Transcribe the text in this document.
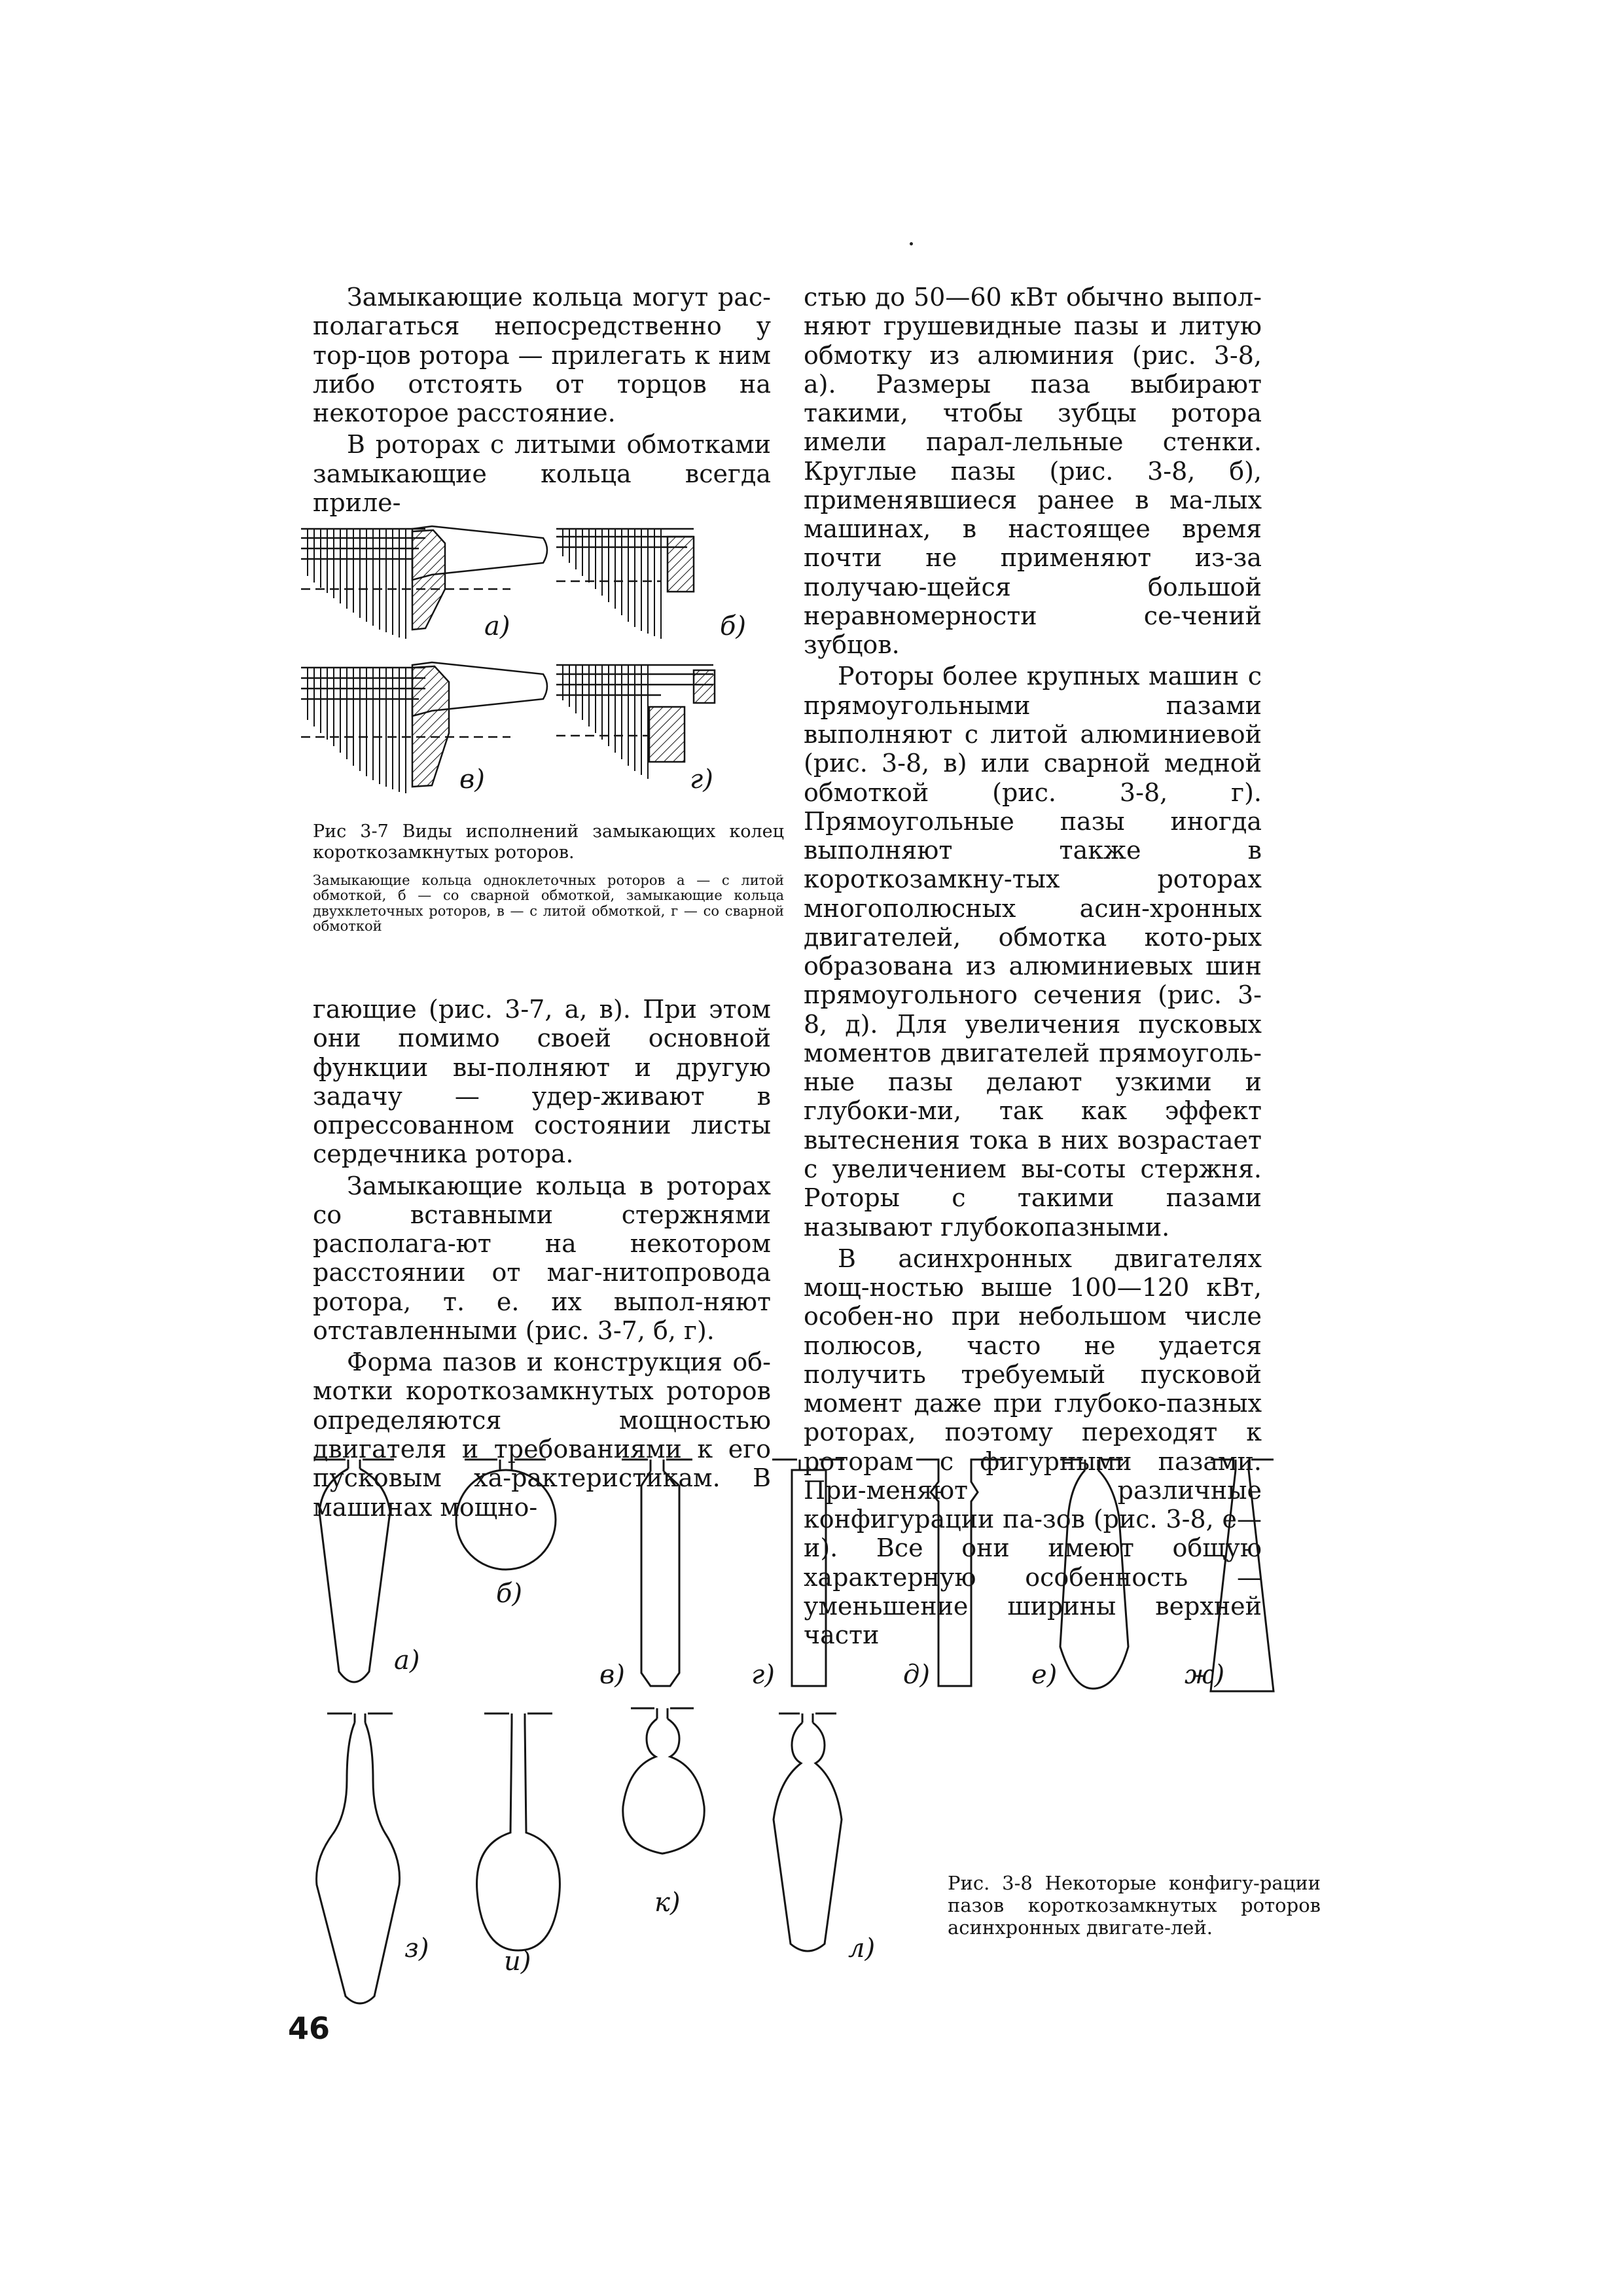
Замыкающие кольца могут рас-полагаться непосредственно у тор-цов ротора — прилегать к ним либо отстоять от торцов на некоторое расстояние.

В роторах с литыми обмотками замыкающие кольца всегда приле-

а)	б)
в)	г)
Рис 3-7 Виды исполнений замыкающих колец короткозамкнутых роторов.
Замыкающие кольца одноклеточных роторов а — с литой обмоткой, б — со сварной обмоткой, замыкающие кольца двухклеточных роторов, в — с литой обмоткой, г — со сварной обмоткой

гающие (рис. 3-7, а, в). При этом они помимо своей основной функции вы-полняют и другую задачу — удер-живают в опрессованном состоянии листы сердечника ротора.

Замыкающие кольца в роторах со вставными стержнями располага-ют на некотором расстоянии от маг-нитопровода ротора, т. е. их выпол-няют отставленными (рис. 3-7, б, г).

Форма пазов и конструкция об-мотки короткозамкнутых роторов определяются мощностью двигателя и требованиями к его пусковым ха-рактеристикам. В машинах мощно-

стью до 50—60 кВт обычно выпол-няют грушевидные пазы и литую обмотку из алюминия (рис. 3-8, а). Размеры паза выбирают такими, чтобы зубцы ротора имели парал-лельные стенки. Круглые пазы (рис. 3-8, б), применявшиеся ранее в ма-лых машинах, в настоящее время почти не применяют из-за получаю-щейся большой неравномерности се-чений зубцов.

Роторы более крупных машин с прямоугольными пазами выполняют с литой алюминиевой (рис. 3-8, в) или сварной медной обмоткой (рис. 3-8, г). Прямоугольные пазы иногда выполняют также в короткозамкну-тых роторах многополюсных асин-хронных двигателей, обмотка кото-рых образована из алюминиевых шин прямоугольного сечения (рис. 3-8, д). Для увеличения пусковых моментов двигателей прямоуголь-ные пазы делают узкими и глубоки-ми, так как эффект вытеснения тока в них возрастает с увеличением вы-соты стержня. Роторы с такими пазами называют глубокопазными.

В асинхронных двигателях мощ-ностью выше 100—120 кВт, особен-но при небольшом числе полюсов, часто не удается получить требуемый пусковой момент даже при глубоко-пазных роторах, поэтому переходят к роторам с фигурными пазами. При-меняют различные конфигурации па-зов (рис. 3-8, е—и). Все они имеют общую характерную особенность — уменьшение ширины верхней части

а)
б)
в)	г)	д)	е)	ж)
з)	и)
к)
л)
Рис. 3-8 Некоторые конфигу-рации пазов короткозамкнутых роторов асинхронных двигате-лей.
46
